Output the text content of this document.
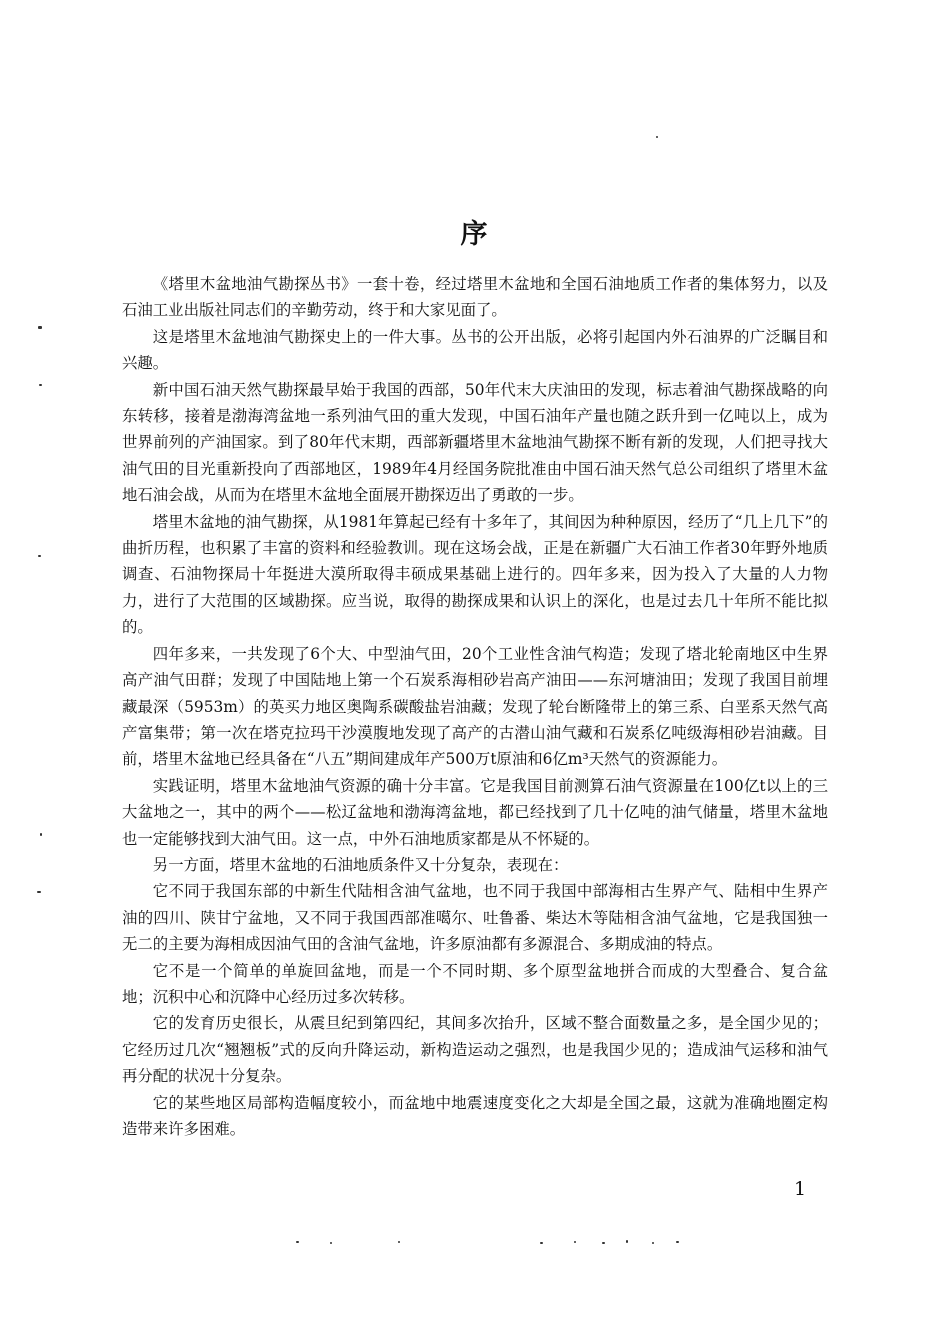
序

《塔里木盆地油气勘探丛书》一套十卷，经过塔里木盆地和全国石油地质工作者的集体努力，以及石油工业出版社同志们的辛勤劳动，终于和大家见面了。

这是塔里木盆地油气勘探史上的一件大事。丛书的公开出版，必将引起国内外石油界的广泛瞩目和兴趣。

新中国石油天然气勘探最早始于我国的西部，50年代末大庆油田的发现，标志着油气勘探战略的向东转移，接着是渤海湾盆地一系列油气田的重大发现，中国石油年产量也随之跃升到一亿吨以上，成为世界前列的产油国家。到了80年代末期，西部新疆塔里木盆地油气勘探不断有新的发现，人们把寻找大油气田的目光重新投向了西部地区，1989年4月经国务院批准由中国石油天然气总公司组织了塔里木盆地石油会战，从而为在塔里木盆地全面展开勘探迈出了勇敢的一步。

塔里木盆地的油气勘探，从1981年算起已经有十多年了，其间因为种种原因，经历了“几上几下”的曲折历程，也积累了丰富的资料和经验教训。现在这场会战，正是在新疆广大石油工作者30年野外地质调查、石油物探局十年挺进大漠所取得丰硕成果基础上进行的。四年多来，因为投入了大量的人力物力，进行了大范围的区域勘探。应当说，取得的勘探成果和认识上的深化，也是过去几十年所不能比拟的。

四年多来，一共发现了6个大、中型油气田，20个工业性含油气构造；发现了塔北轮南地区中生界高产油气田群；发现了中国陆地上第一个石炭系海相砂岩高产油田——东河塘油田；发现了我国目前埋藏最深（5953m）的英买力地区奥陶系碳酸盐岩油藏；发现了轮台断隆带上的第三系、白垩系天然气高产富集带；第一次在塔克拉玛干沙漠腹地发现了高产的古潜山油气藏和石炭系亿吨级海相砂岩油藏。目前，塔里木盆地已经具备在“八五”期间建成年产500万t原油和6亿m³天然气的资源能力。

实践证明，塔里木盆地油气资源的确十分丰富。它是我国目前测算石油气资源量在100亿t以上的三大盆地之一，其中的两个——松辽盆地和渤海湾盆地，都已经找到了几十亿吨的油气储量，塔里木盆地也一定能够找到大油气田。这一点，中外石油地质家都是从不怀疑的。

另一方面，塔里木盆地的石油地质条件又十分复杂，表现在：

它不同于我国东部的中新生代陆相含油气盆地，也不同于我国中部海相古生界产气、陆相中生界产油的四川、陕甘宁盆地，又不同于我国西部准噶尔、吐鲁番、柴达木等陆相含油气盆地，它是我国独一无二的主要为海相成因油气田的含油气盆地，许多原油都有多源混合、多期成油的特点。

它不是一个简单的单旋回盆地，而是一个不同时期、多个原型盆地拼合而成的大型叠合、复合盆地；沉积中心和沉降中心经历过多次转移。

它的发育历史很长，从震旦纪到第四纪，其间多次抬升，区域不整合面数量之多，是全国少见的；它经历过几次“翘翘板”式的反向升降运动，新构造运动之强烈，也是我国少见的；造成油气运移和油气再分配的状况十分复杂。

它的某些地区局部构造幅度较小，而盆地中地震速度变化之大却是全国之最，这就为准确地圈定构造带来许多困难。

1
